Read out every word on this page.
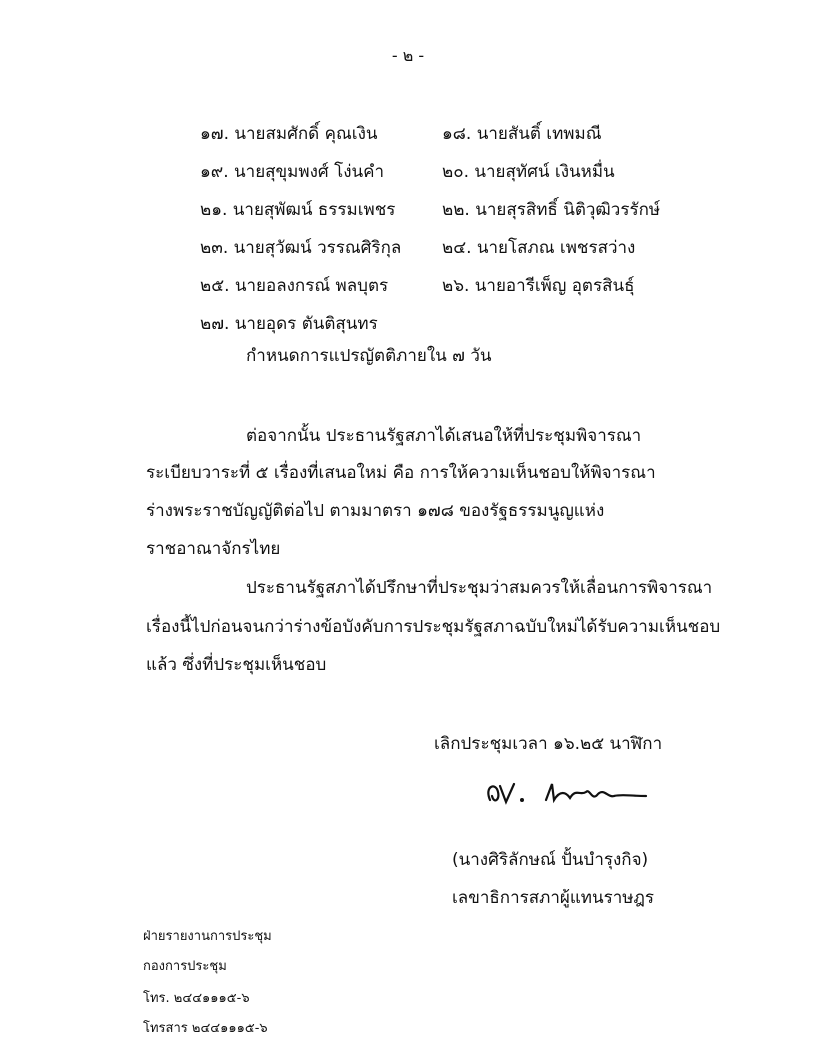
- ๒ -
๑๗. นายสมศักดิ์ คุณเงิน	๑๘. นายสันติ์ เทพมณี
๑๙. นายสุขุมพงศ์ โง่นคำ	๒๐. นายสุทัศน์ เงินหมื่น
๒๑. นายสุพัฒน์ ธรรมเพชร	๒๒. นายสุรสิทธิ์ นิติวุฒิวรรักษ์
๒๓. นายสุวัฒน์ วรรณศิริกุล ๒๔. นายโสภณ เพชรสว่าง
๒๕. นายอลงกรณ์ พลบุตร	๒๖. นายอารีเพ็ญ อุตรสินธุ์
๒๗. นายอุดร ตันติสุนทร
กำหนดการแปรญัตติภายใน ๗ วัน
ต่อจากนั้น ประธานรัฐสภาได้เสนอให้ที่ประชุมพิจารณา
ระเบียบวาระที่ ๕ เรื่องที่เสนอใหม่ คือ การให้ความเห็นชอบให้พิจารณา
ร่างพระราชบัญญัติต่อไป ตามมาตรา ๑๗๘ ของรัฐธรรมนูญแห่ง
ราชอาณาจักรไทย
ประธานรัฐสภาได้ปรึกษาที่ประชุมว่าสมควรให้เลื่อนการพิจารณา
เรื่องนี้ไปก่อนจนกว่าร่างข้อบังคับการประชุมรัฐสภาฉบับใหม่ได้รับความเห็นชอบ
แล้ว ซึ่งที่ประชุมเห็นชอบ
เลิกประชุมเวลา ๑๖.๒๕ นาฬิกา
(นางศิริลักษณ์ ปั้นบำรุงกิจ)
เลขาธิการสภาผู้แทนราษฎร
ฝ่ายรายงานการประชุม
กองการประชุม
โทร. ๒๔๔๑๑๑๕-๖
โทรสาร ๒๔๔๑๑๑๕-๖
